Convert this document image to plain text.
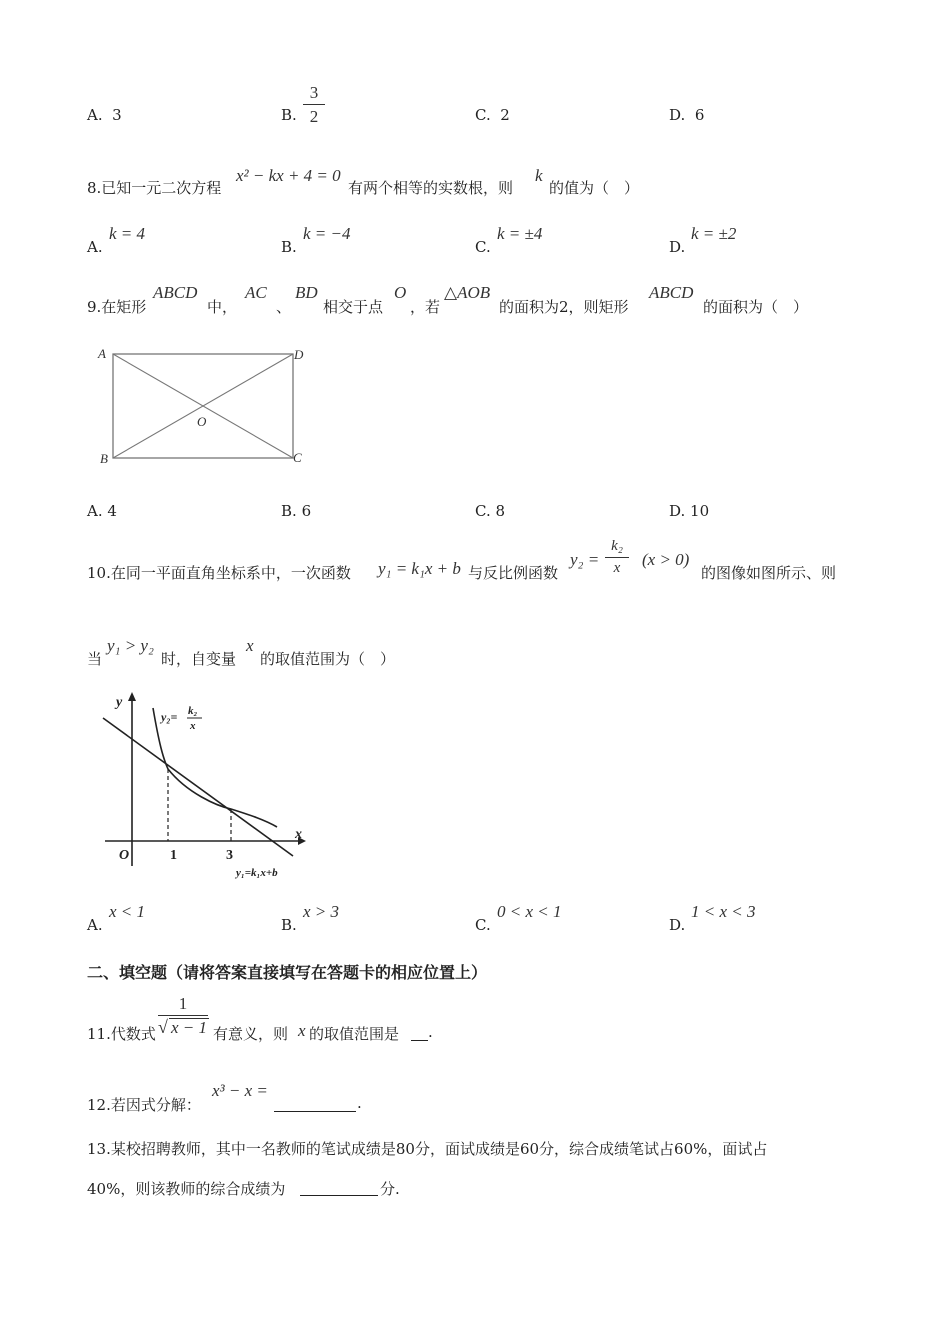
A. 3	B.
3
2	C. 2	D. 6
8.已知一元二次方程
x² − kx + 4 = 0
有两个相等的实数根，则
k
的值为（　）
A.
k = 4
B.
k = −4
C.
k = ±4
D.
k = ±2
9.在矩形
ABCD
中，
AC
、
BD
相交于点
O
，若
△AOB
的面积为2，则矩形
ABCD
的面积为（　）
A	D
O
B	C
A. 4	B. 6	C. 8	D. 10
10.在同一平面直角坐标系中，一次函数 y₁ = k₁x + b 与反比例函数
y₂ =
k₂
x	(x > 0)
的图像如图所示、则
当
y₁ > y₂
时，自变量
x
的取值范围为（　）
y
x
O	1	3
y₂= k₂
x
y₁=k₁x+b
A.
x < 1
B.
x > 3
C.
0 < x < 1
D.
1 < x < 3
二、填空题（请将答案直接填写在答题卡的相应位置上）
11.代数式
1
√ x − 1 有意义，则 x 的取值范围是 .
12.若因式分解：
x³ − x =
.
13.某校招聘教师，其中一名教师的笔试成绩是80分，面试成绩是60分，综合成绩笔试占60%，面试占
40%，则该教师的综合成绩为	分.
